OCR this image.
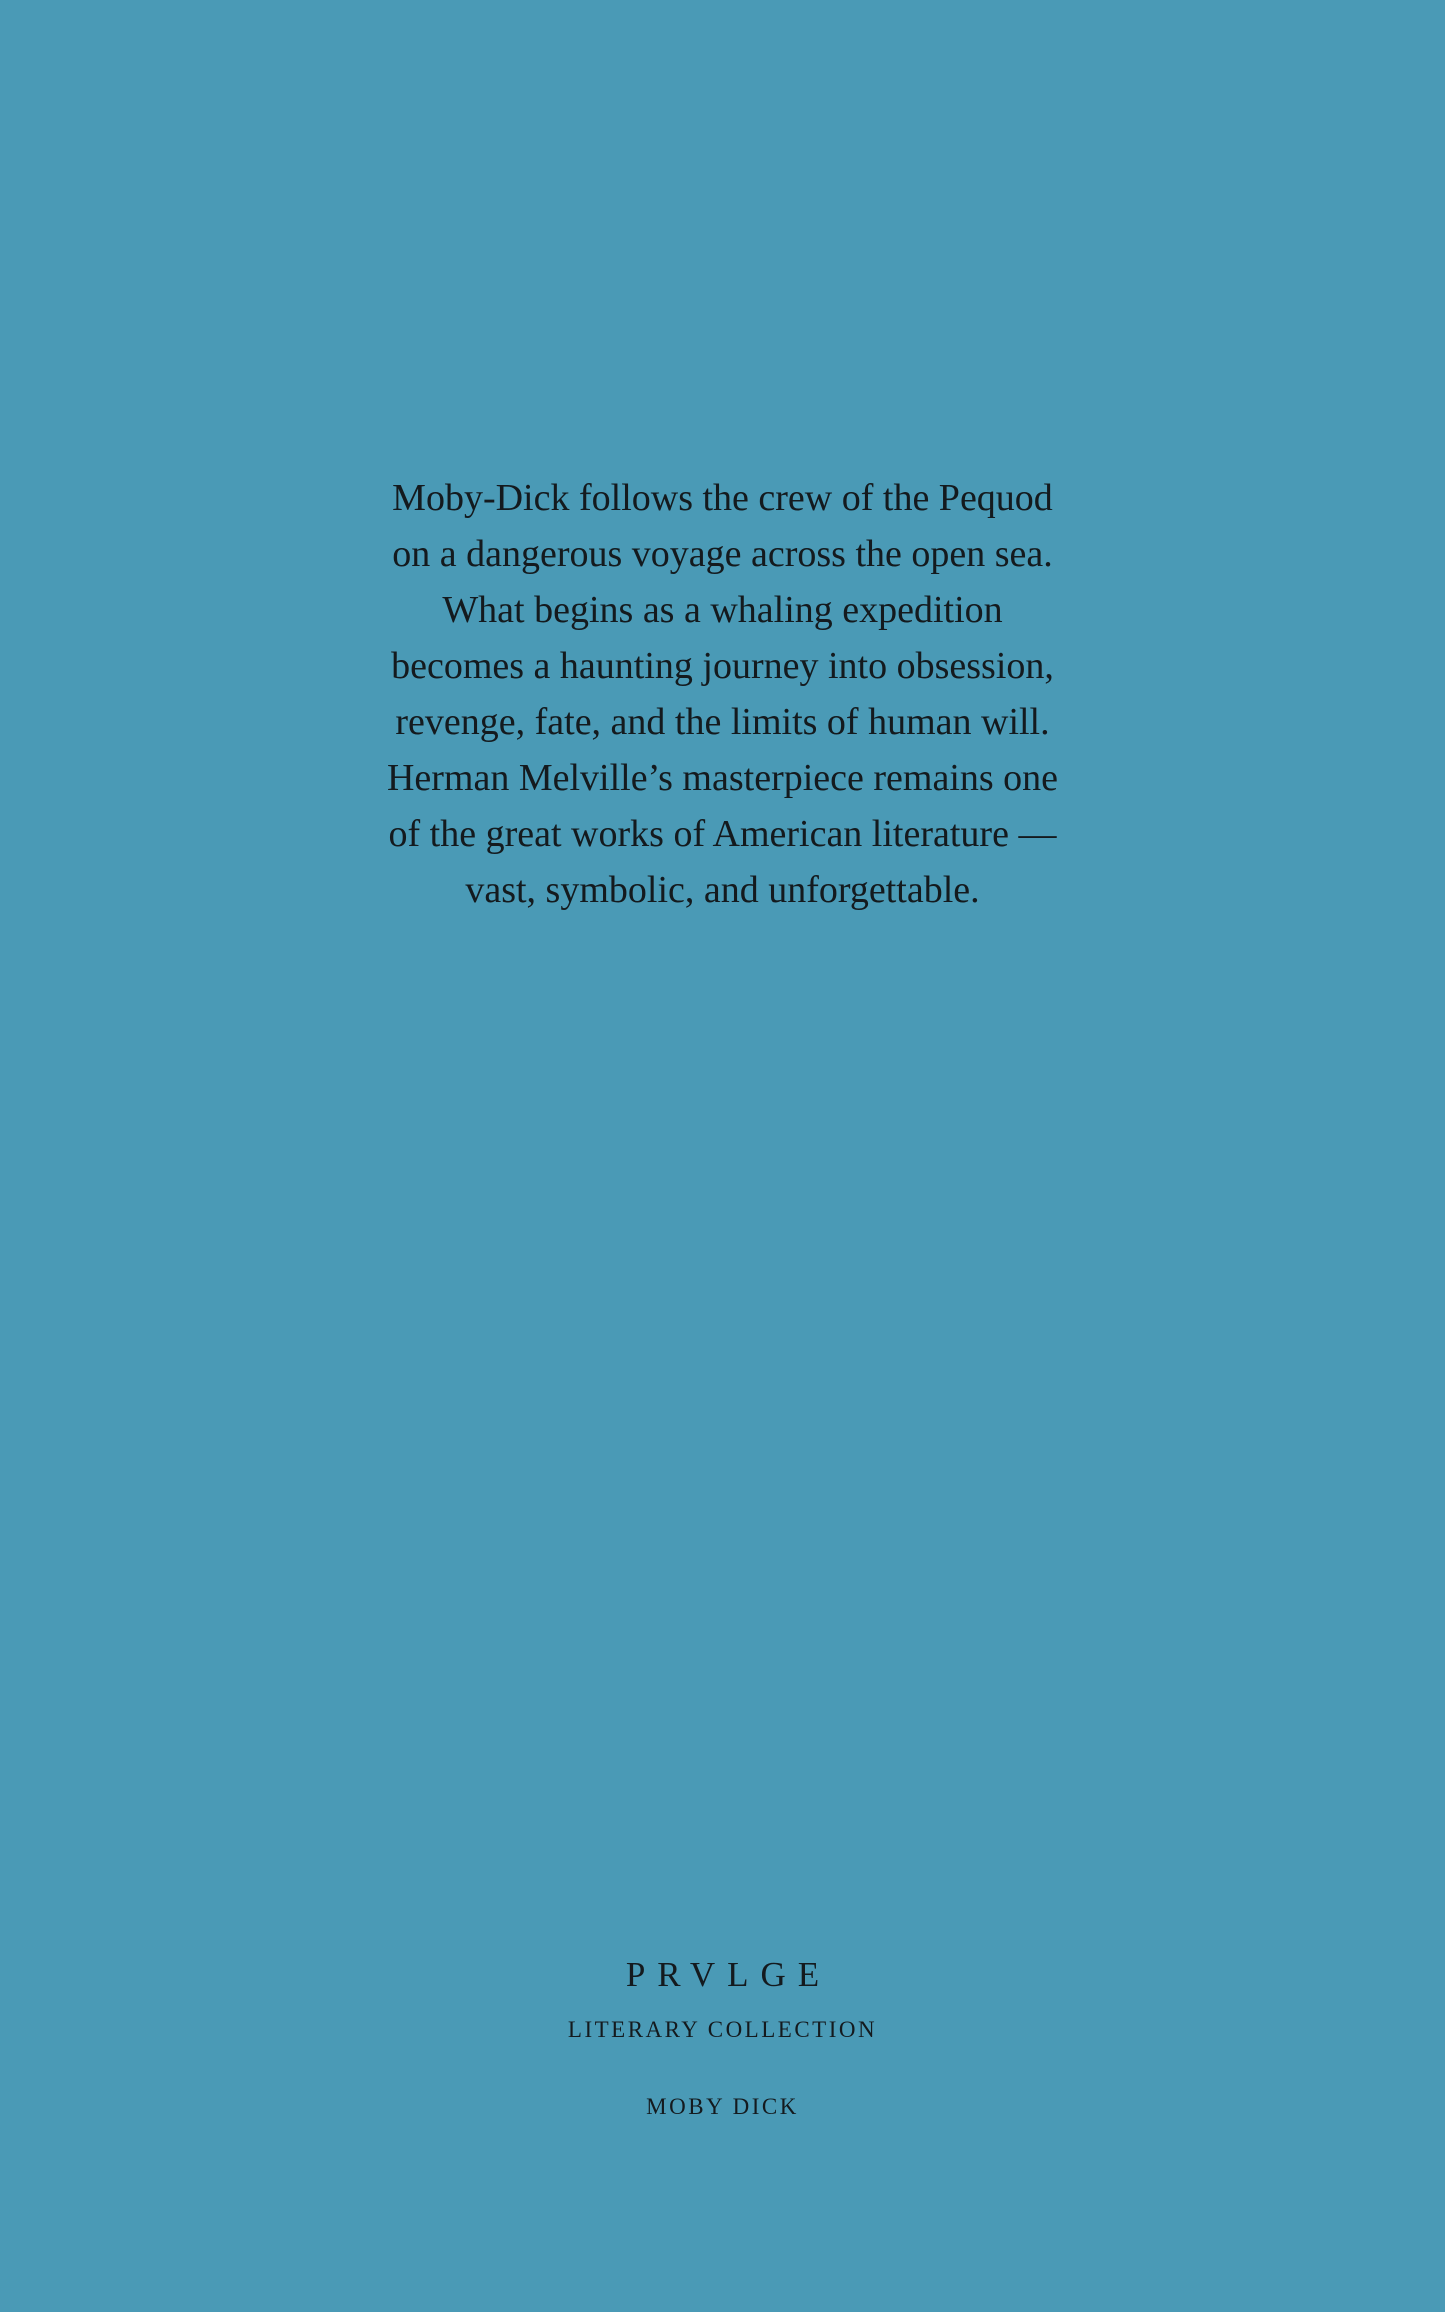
Moby-Dick follows the crew of the Pequod on a dangerous voyage across the open sea. What begins as a whaling expedition becomes a haunting journey into obsession, revenge, fate, and the limits of human will. Herman Melville’s masterpiece remains one of the great works of American literature — vast, symbolic, and unforgettable.

PRVLGE
LITERARY COLLECTION
MOBY DICK
